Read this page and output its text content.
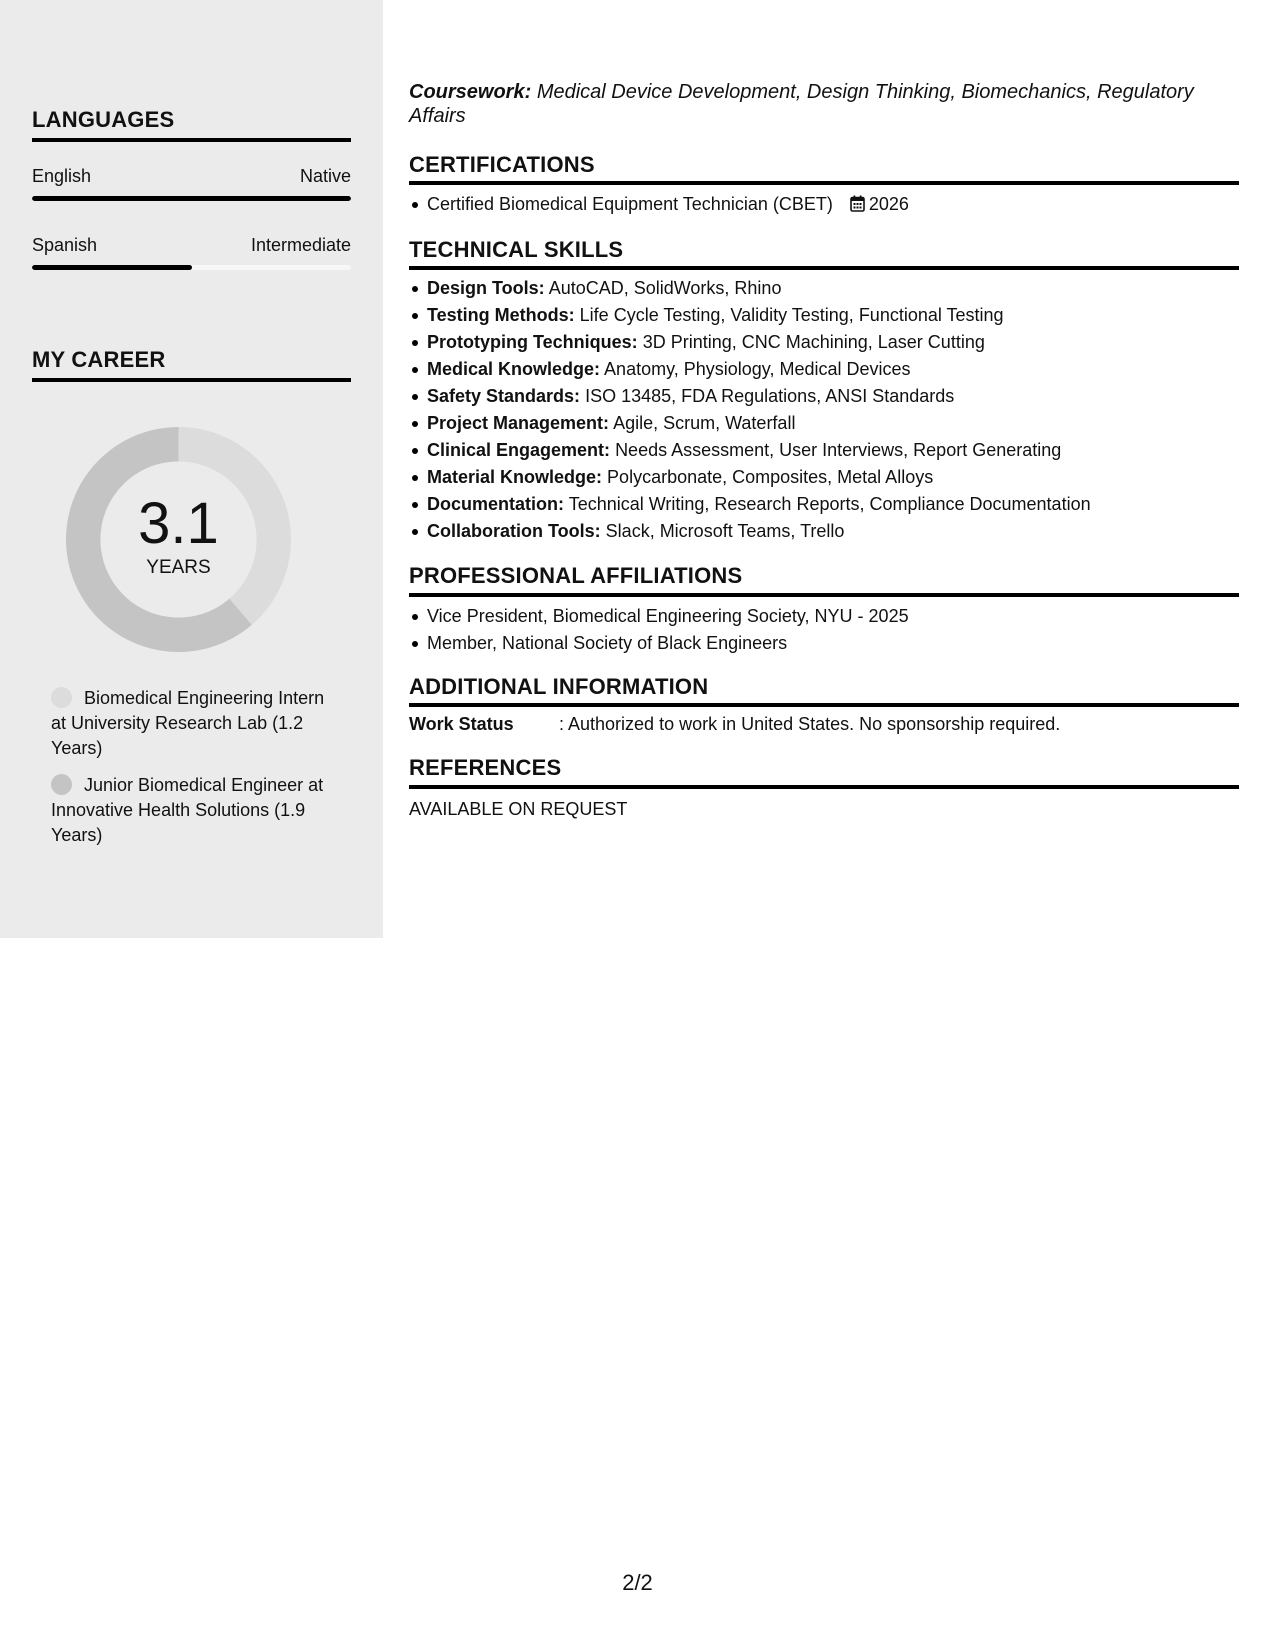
LANGUAGES
English	Native
Spanish	Intermediate
MY CAREER
3.1
YEARS
Biomedical Engineering Intern at University Research Lab (1.2 Years)
Junior Biomedical Engineer at Innovative Health Solutions (1.9 Years)
Coursework: Medical Device Development, Design Thinking, Biomechanics, Regulatory Affairs
CERTIFICATIONS
Certified Biomedical Equipment Technician (CBET) 2026
TECHNICAL SKILLS
Design Tools: AutoCAD, SolidWorks, Rhino
Testing Methods: Life Cycle Testing, Validity Testing, Functional Testing
Prototyping Techniques: 3D Printing, CNC Machining, Laser Cutting
Medical Knowledge: Anatomy, Physiology, Medical Devices
Safety Standards: ISO 13485, FDA Regulations, ANSI Standards
Project Management: Agile, Scrum, Waterfall
Clinical Engagement: Needs Assessment, User Interviews, Report Generating
Material Knowledge: Polycarbonate, Composites, Metal Alloys
Documentation: Technical Writing, Research Reports, Compliance Documentation
Collaboration Tools: Slack, Microsoft Teams, Trello
PROFESSIONAL AFFILIATIONS
Vice President, Biomedical Engineering Society, NYU - 2025
Member, National Society of Black Engineers
ADDITIONAL INFORMATION
Work Status	: Authorized to work in United States. No sponsorship required.
REFERENCES
AVAILABLE ON REQUEST
2/2
